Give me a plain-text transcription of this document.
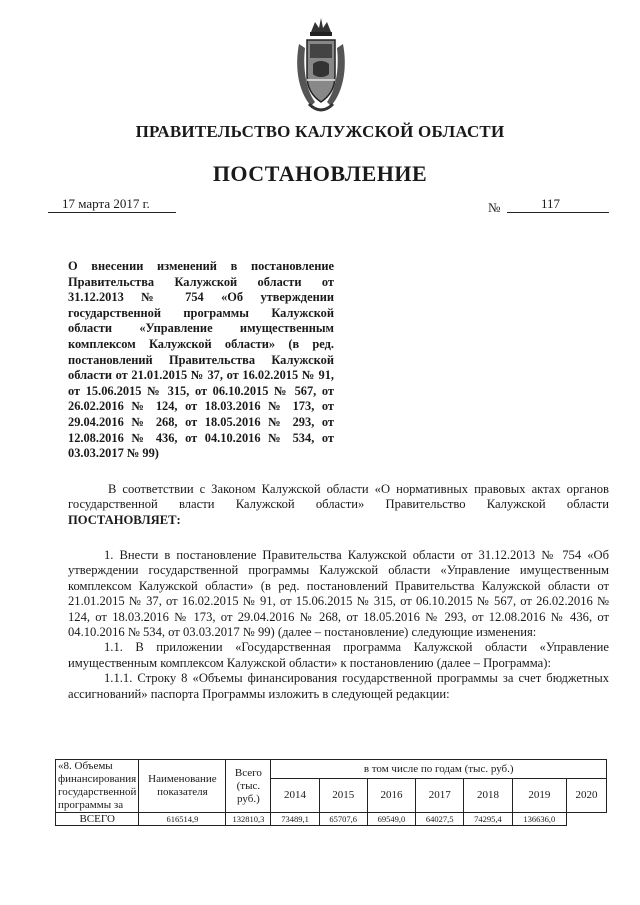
ПРАВИТЕЛЬСТВО КАЛУЖСКОЙ ОБЛАСТИ
ПОСТАНОВЛЕНИЕ
17 марта 2017 г.	№	117
О внесении изменений в постановление Правительства Калужской области от 31.12.2013 № 754 «Об утверждении государственной программы Калужской области «Управление имущественным комплексом Калужской области» (в ред. постановлений Правительства Калужской области от 21.01.2015 № 37, от 16.02.2015 № 91, от 15.06.2015 № 315, от 06.10.2015 № 567, от 26.02.2016 № 124, от 18.03.2016 № 173, от 29.04.2016 № 268, от 18.05.2016 № 293, от 12.08.2016 № 436, от 04.10.2016 № 534, от 03.03.2017 № 99)
В соответствии с Законом Калужской области «О нормативных правовых актах органов государственной власти Калужской области» Правительство Калужской области ПОСТАНОВЛЯЕТ:
1. Внести в постановление Правительства Калужской области от 31.12.2013 № 754 «Об утверждении государственной программы Калужской области «Управление имущественным комплексом Калужской области» (в ред. постановлений Правительства Калужской области от 21.01.2015 № 37, от 16.02.2015 № 91, от 15.06.2015 № 315, от 06.10.2015 № 567, от 26.02.2016 № 124, от 18.03.2016 № 173, от 29.04.2016 № 268, от 18.05.2016 № 293, от 12.08.2016 № 436, от 04.10.2016 № 534, от 03.03.2017 № 99) (далее – постановление) следующие изменения:
1.1. В приложении «Государственная программа Калужской области «Управление имущественным комплексом Калужской области» к постановлению (далее – Программа):
1.1.1. Строку 8 «Объемы финансирования государственной программы за счет бюджетных ассигнований» паспорта Программы изложить в следующей редакции:
«8. Объемы финансирования государственной программы за	Наименование показателя	Всего (тыс. руб.)	в том числе по годам (тыс. руб.)						
			2014	2015	2016	2017	2018	2019	2020
ВСЕГО	616514,9	132810,3	73489,1	65707,6	69549,0	64027,5	74295,4	136636,0	
